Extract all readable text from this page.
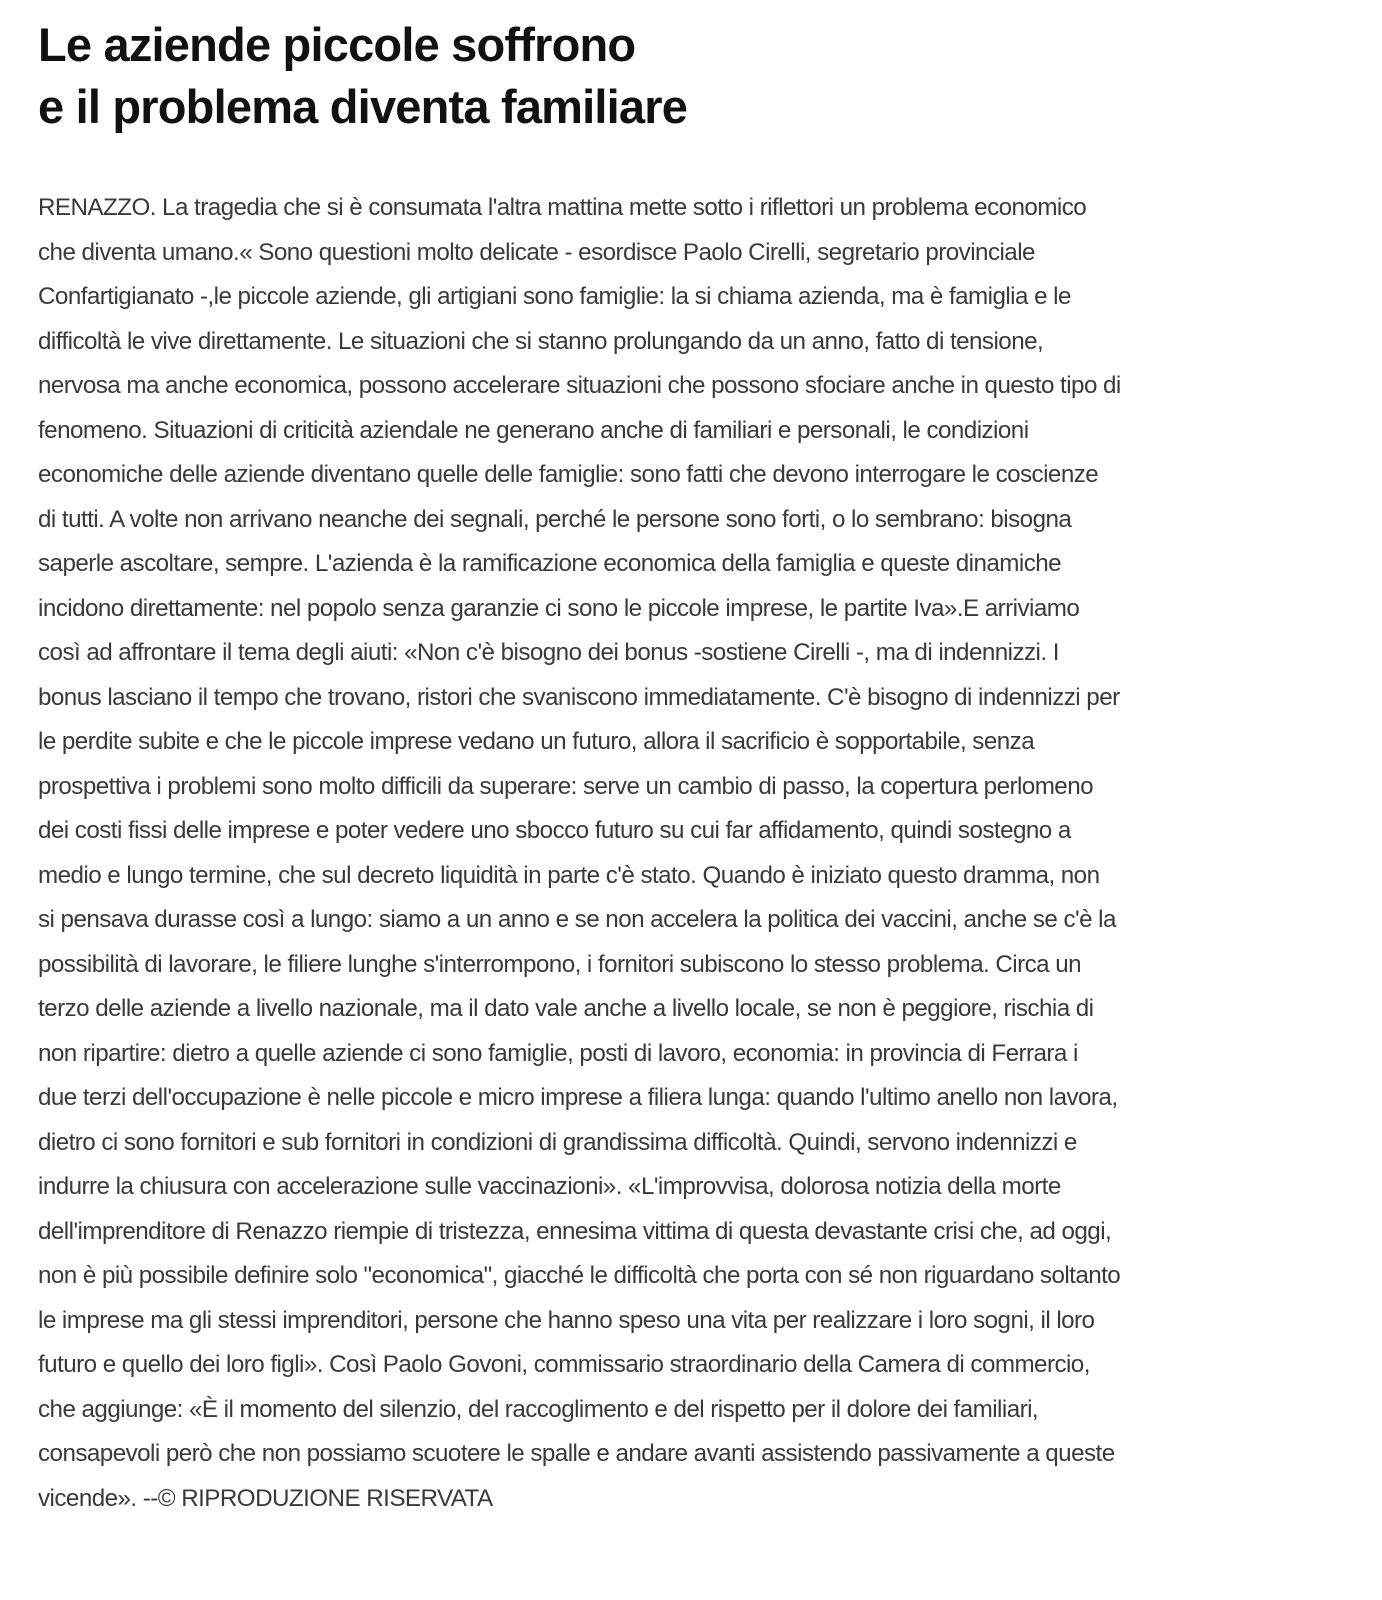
Le aziende piccole soffrono
e il problema diventa familiare
RENAZZO. La tragedia che si è consumata l'altra mattina mette sotto i riflettori un problema economico
che diventa umano.« Sono questioni molto delicate - esordisce Paolo Cirelli, segretario provinciale
Confartigianato -,le piccole aziende, gli artigiani sono famiglie: la si chiama azienda, ma è famiglia e le
difficoltà le vive direttamente. Le situazioni che si stanno prolungando da un anno, fatto di tensione,
nervosa ma anche economica, possono accelerare situazioni che possono sfociare anche in questo tipo di
fenomeno. Situazioni di criticità aziendale ne generano anche di familiari e personali, le condizioni
economiche delle aziende diventano quelle delle famiglie: sono fatti che devono interrogare le coscienze
di tutti. A volte non arrivano neanche dei segnali, perché le persone sono forti, o lo sembrano: bisogna
saperle ascoltare, sempre. L'azienda è la ramificazione economica della famiglia e queste dinamiche
incidono direttamente: nel popolo senza garanzie ci sono le piccole imprese, le partite Iva».E arriviamo
così ad affrontare il tema degli aiuti: «Non c'è bisogno dei bonus -sostiene Cirelli -, ma di indennizzi. I
bonus lasciano il tempo che trovano, ristori che svaniscono immediatamente. C'è bisogno di indennizzi per
le perdite subite e che le piccole imprese vedano un futuro, allora il sacrificio è sopportabile, senza
prospettiva i problemi sono molto difficili da superare: serve un cambio di passo, la copertura perlomeno
dei costi fissi delle imprese e poter vedere uno sbocco futuro su cui far affidamento, quindi sostegno a
medio e lungo termine, che sul decreto liquidità in parte c'è stato. Quando è iniziato questo dramma, non
si pensava durasse così a lungo: siamo a un anno e se non accelera la politica dei vaccini, anche se c'è la
possibilità di lavorare, le filiere lunghe s'interrompono, i fornitori subiscono lo stesso problema. Circa un
terzo delle aziende a livello nazionale, ma il dato vale anche a livello locale, se non è peggiore, rischia di
non ripartire: dietro a quelle aziende ci sono famiglie, posti di lavoro, economia: in provincia di Ferrara i
due terzi dell'occupazione è nelle piccole e micro imprese a filiera lunga: quando l'ultimo anello non lavora,
dietro ci sono fornitori e sub fornitori in condizioni di grandissima difficoltà. Quindi, servono indennizzi e
indurre la chiusura con accelerazione sulle vaccinazioni». «L'improvvisa, dolorosa notizia della morte
dell'imprenditore di Renazzo riempie di tristezza, ennesima vittima di questa devastante crisi che, ad oggi,
non è più possibile definire solo "economica", giacché le difficoltà che porta con sé non riguardano soltanto
le imprese ma gli stessi imprenditori, persone che hanno speso una vita per realizzare i loro sogni, il loro
futuro e quello dei loro figli». Così Paolo Govoni, commissario straordinario della Camera di commercio,
che aggiunge: «È il momento del silenzio, del raccoglimento e del rispetto per il dolore dei familiari,
consapevoli però che non possiamo scuotere le spalle e andare avanti assistendo passivamente a queste
vicende». --© RIPRODUZIONE RISERVATA
